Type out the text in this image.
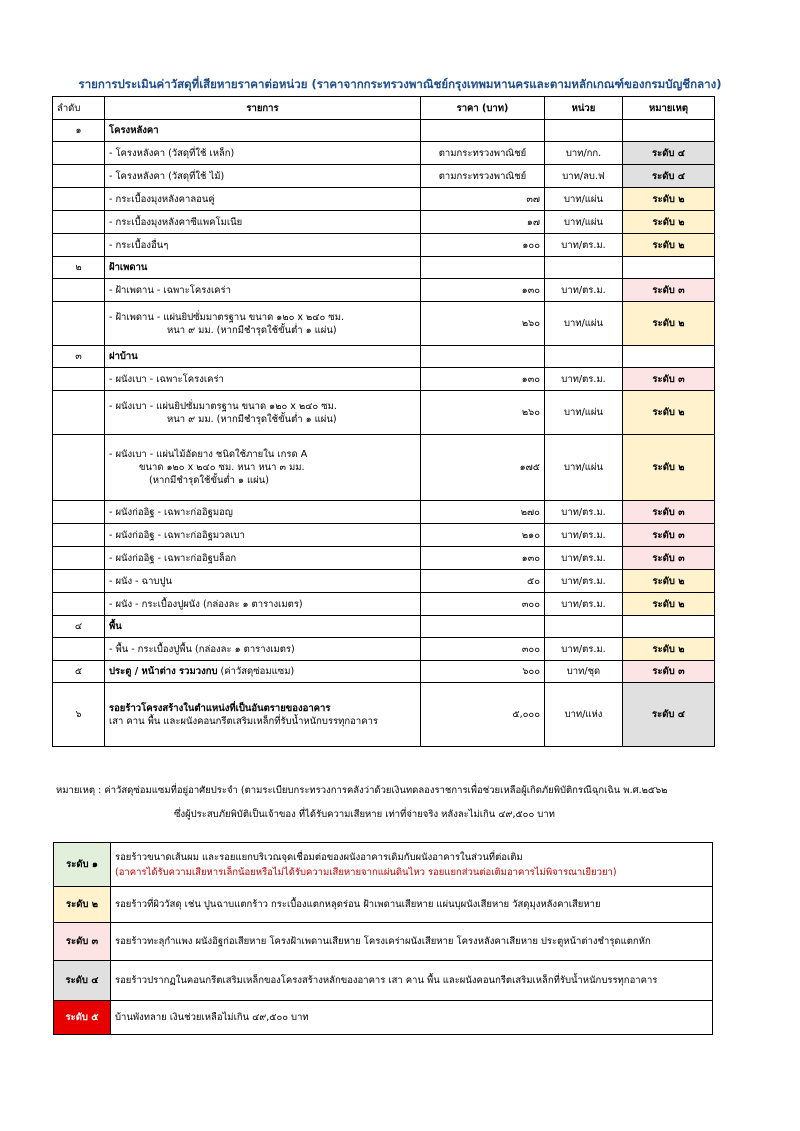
รายการประเมินค่าวัสดุที่เสียหายราคาต่อหน่วย (ราคาจากกระทรวงพาณิชย์กรุงเทพมหานครและตามหลักเกณฑ์ของกรมบัญชีกลาง)
ลำดับ	รายการ	ราคา (บาท)	หน่วย	หมายเหตุ
๑	โครงหลังคา			

	- โครงหลังคา (วัสดุที่ใช้ เหล็ก)	ตามกระทรวงพาณิชย์	บาท/กก.	ระดับ ๔

	- โครงหลังคา (วัสดุที่ใช้ ไม้)	ตามกระทรวงพาณิชย์	บาท/ลบ.ฟ	ระดับ ๔

	- กระเบื้องมุงหลังคาลอนคู่	๓๗	บาท/แผ่น	ระดับ ๒

	- กระเบื้องมุงหลังคาซีแพคโมเนีย	๑๗	บาท/แผ่น	ระดับ ๒

	- กระเบื้องอื่นๆ	๑๐๐	บาท/ตร.ม.	ระดับ ๒
๒	ฝ้าเพดาน			

	- ฝ้าเพดาน - เฉพาะโครงเคร่า	๑๓๐	บาท/ตร.ม.	ระดับ ๓

	- ฝ้าเพดาน - แผ่นยิปซั่มมาตรฐาน ขนาด ๑๒๐ x ๒๔๐ ซม.
หนา ๙ มม. (หากมีชำรุดใช้ขั้นต่ำ ๑ แผ่น)	๒๖๐	บาท/แผ่น	ระดับ ๒
๓	ฝาบ้าน			

	- ผนังเบา - เฉพาะโครงเคร่า	๑๓๐	บาท/ตร.ม.	ระดับ ๓

	- ผนังเบา - แผ่นยิปซั่มมาตรฐาน ขนาด ๑๒๐ x ๒๔๐ ซม.
หนา ๙ มม. (หากมีชำรุดใช้ขั้นต่ำ ๑ แผ่น)	๒๖๐	บาท/แผ่น	ระดับ ๒

	- ผนังเบา - แผ่นไม้อัดยาง ชนิดใช้ภายใน เกรด A
ขนาด ๑๒๐ x ๒๔๐ ซม. หนา หนา ๓ มม.
(หากมีชำรุดใช้ขั้นต่ำ ๑ แผ่น)	๑๗๕	บาท/แผ่น	ระดับ ๒

	- ผนังก่ออิฐ - เฉพาะก่ออิฐมอญ	๒๗๐	บาท/ตร.ม.	ระดับ ๓

	- ผนังก่ออิฐ - เฉพาะก่ออิฐมวลเบา	๒๑๐	บาท/ตร.ม.	ระดับ ๓

	- ผนังก่ออิฐ - เฉพาะก่ออิฐบล็อก	๑๓๐	บาท/ตร.ม.	ระดับ ๓

	- ผนัง - ฉาบปูน	๕๐	บาท/ตร.ม.	ระดับ ๒

	- ผนัง - กระเบื้องปูผนัง (กล่องละ ๑ ตารางเมตร)	๓๐๐	บาท/ตร.ม.	ระดับ ๒
๔	พื้น			

	- พื้น - กระเบื้องปูพื้น (กล่องละ ๑ ตารางเมตร)	๓๐๐	บาท/ตร.ม.	ระดับ ๒
๕	ประตู / หน้าต่าง รวมวงกบ (ค่าวัสดุซ่อมแซม)	๖๐๐	บาท/ชุด	ระดับ ๓
๖	รอยร้าวโครงสร้างในตำแหน่งที่เป็นอันตรายของอาคาร
เสา คาน พื้น และผนังคอนกรีตเสริมเหล็กที่รับน้ำหนักบรรทุกอาคาร	๕,๐๐๐	บาท/แห่ง	ระดับ ๔
หมายเหตุ : ค่าวัสดุซ่อมแซมที่อยู่อาศัยประจำ (ตามระเบียบกระทรวงการคลังว่าด้วยเงินทดลองราชการเพื่อช่วยเหลือผู้เกิดภัยพิบัติกรณีฉุกเฉิน พ.ศ.๒๕๖๒
ซึ่งผู้ประสบภัยพิบัติเป็นเจ้าของ ที่ได้รับความเสียหาย เท่าที่จ่ายจริง หลังละไม่เกิน ๔๙,๕๐๐ บาท
ระดับ ๑	รอยร้าวขนาดเส้นผม และรอยแยกบริเวณจุดเชื่อมต่อของผนังอาคารเดิมกับผนังอาคารในส่วนที่ต่อเติม
(อาคารได้รับความเสียหารเล็กน้อยหรือไม่ได้รับความเสียหายจากแผ่นดินไหว รอยแยกส่วนต่อเติมอาคารไม่พิจารณาเยียวยา)

ระดับ ๒	รอยร้าวที่ผิววัสดุ เช่น ปูนฉาบแตกร้าว กระเบื้องแตกหลุดร่อน ฝ้าเพดานเสียหาย แผ่นบุผนังเสียหาย วัสดุมุงหลังคาเสียหาย

ระดับ ๓	รอยร้าวทะลุกำแพง ผนังอิฐก่อเสียหาย โครงฝ้าเพดานเสียหาย โครงเคร่าผนังเสียหาย โครงหลังคาเสียหาย ประตูหน้าต่างชำรุดแตกหัก

ระดับ ๔	รอยร้าวปรากฏในคอนกรีตเสริมเหล็กของโครงสร้างหลักของอาคาร เสา คาน พื้น และผนังคอนกรีตเสริมเหล็กที่รับน้ำหนักบรรทุกอาคาร

ระดับ ๕	บ้านพังทลาย เงินช่วยเหลือไม่เกิน ๔๙,๕๐๐ บาท
